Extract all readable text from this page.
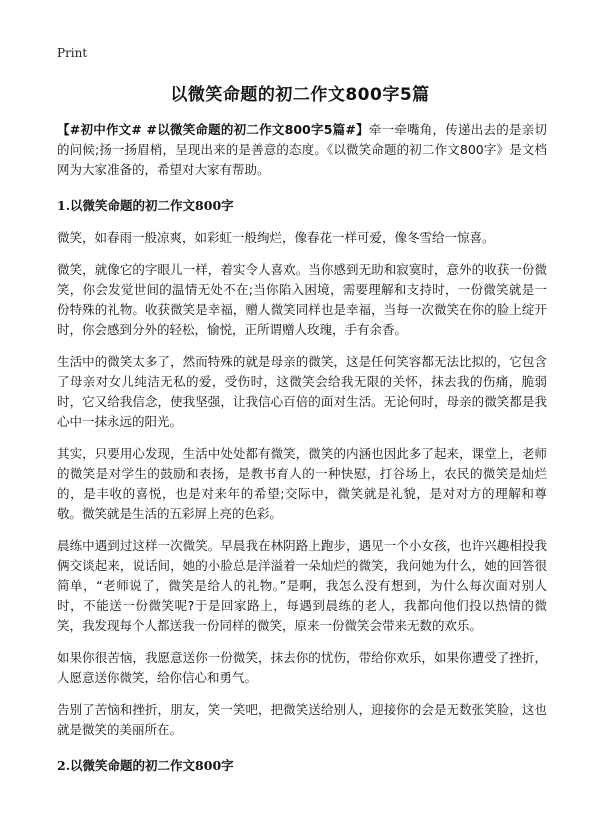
Print
以微笑命题的初二作文800字5篇

【#初中作文# #以微笑命题的初二作文800字5篇#】牵一牵嘴角，传递出去的是亲切的问候;扬一扬眉梢，呈现出来的是善意的态度。《以微笑命题的初二作文800字》是文档网为大家准备的，希望对大家有帮助。

1.以微笑命题的初二作文800字

微笑，如春雨一般凉爽，如彩虹一般绚烂，像春花一样可爱，像冬雪给一惊喜。

微笑，就像它的字眼儿一样，着实令人喜欢。当你感到无助和寂寞时，意外的收获一份微笑，你会发觉世间的温情无处不在;当你陷入困境，需要理解和支持时，一份微笑就是一份特殊的礼物。收获微笑是幸福，赠人微笑同样也是幸福，当每一次微笑在你的脸上绽开时，你会感到分外的轻松，愉悦，正所谓赠人玫瑰，手有余香。

生活中的微笑太多了，然而特殊的就是母亲的微笑，这是任何笑容都无法比拟的，它包含了母亲对女儿纯洁无私的爱，受伤时，这微笑会给我无限的关怀，抹去我的伤痛，脆弱时，它又给我信念，使我坚强，让我信心百倍的面对生活。无论何时，母亲的微笑都是我心中一抹永远的阳光。

其实，只要用心发现，生活中处处都有微笑，微笑的内涵也因此多了起来，课堂上，老师的微笑是对学生的鼓励和表扬，是教书育人的一种快慰，打谷场上，农民的微笑是灿烂的，是丰收的喜悦，也是对来年的希望;交际中，微笑就是礼貌，是对对方的理解和尊敬。微笑就是生活的五彩屏上亮的色彩。

晨练中遇到过这样一次微笑。早晨我在林阴路上跑步，遇见一个小女孩，也许兴趣相投我俩交谈起来，说话间，她的小脸总是洋溢着一朵灿烂的微笑，我问她为什么，她的回答很简单，“老师说了，微笑是给人的礼物。”是啊，我怎么没有想到，为什么每次面对别人时，不能送一份微笑呢?于是回家路上，每遇到晨练的老人，我都向他们投以热情的微笑，我发现每个人都送我一份同样的微笑，原来一份微笑会带来无数的欢乐。

如果你很苦恼，我愿意送你一份微笑，抹去你的忧伤，带给你欢乐，如果你遭受了挫折，人愿意送你微笑，给你信心和勇气。

告别了苦恼和挫折，朋友，笑一笑吧，把微笑送给别人，迎接你的会是无数张笑脸，这也就是微笑的美丽所在。

2.以微笑命题的初二作文800字
